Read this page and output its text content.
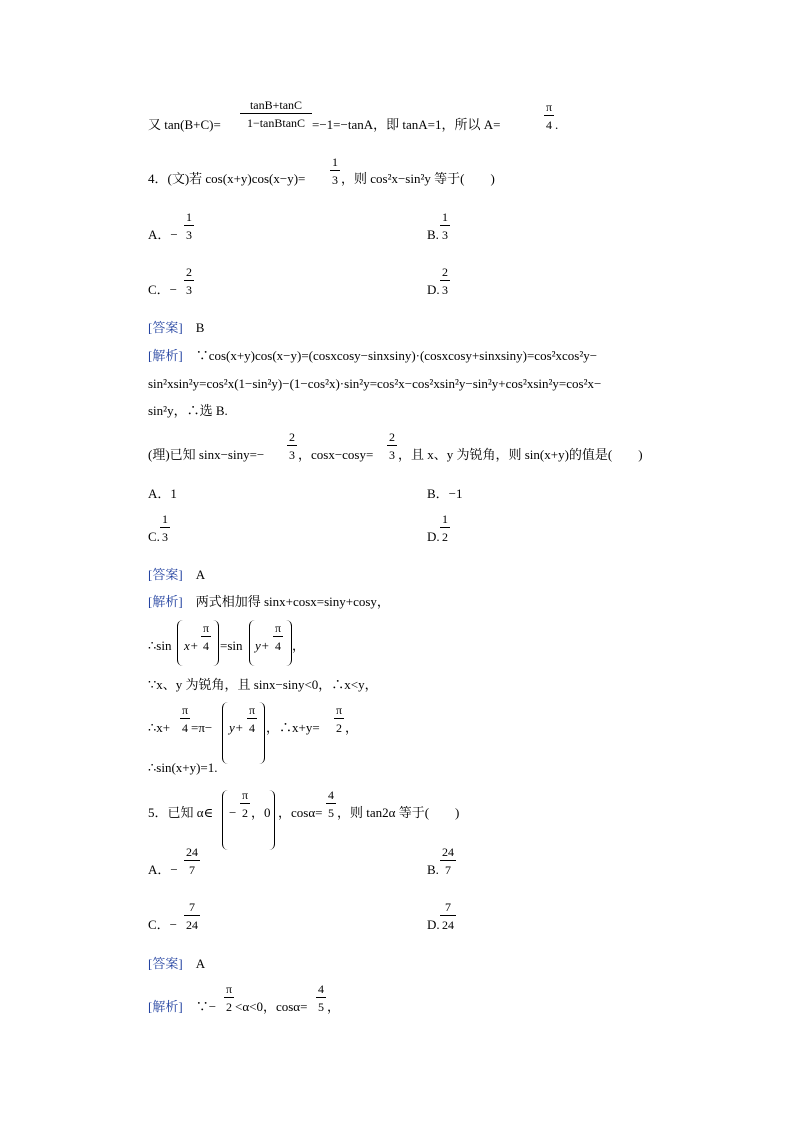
又 $\tan(B+C)= \frac{\tan B+\tan C}{\text{1−tanBtanC}} =-1=-\tan A$，即 tanA=1，所以 A=	$\frac{\pi}{4}$ .
4．(文)若 $\cos(x+y)\cos(x-y)= \frac{1}{3}$ ，则 cos²x−sin²y 等于(　　)
A．− $\frac{1}{3}$	B. $\frac{1}{3}$
C．− $\frac{2}{3}$	D. $\frac{2}{3}$
[答案]　 B
[解析]　 ∵cos(x+y)cos(x−y)=(cosxcosy−sinxsiny)·(cosxcosy+sinxsiny)=cos²xcos²y−
sin²xsin²y=cos²x(1−sin²y)−(1−cos²x)·sin²y=cos²x−cos²xsin²y−sin²y+cos²xsin²y=cos²x−
sin²y，∴选 B.
(理)已知 $\sin x-\sin y=- \frac{2}{3}$ ，$\cos x-\cos y= \frac{2}{3}$ ，且 x、y 为锐角，则 sin(x+y)的值是(　　)
A．1	B．−1
C. $\frac{1}{3}$	D. $\frac{1}{2}$
[答案]　 A
[解析]　 两式相加得 sinx+cosx=siny+cosy，
∴sin $x+ \frac{\pi}{4} =\sin$ $y+ \frac{\pi}{4}$ ，
∵x、y 为锐角，且 sinx−siny<0，∴x<y，
∴x+ $\frac{\pi}{4} =\pi- y+ \frac{\pi}{4}$ ，∴x+y= $\frac{\pi}{2}$ ，
∴sin(x+y)=1.
5．已知 α∈ − $\frac{\pi}{2}$ ，0 ，$\cos\alpha= \frac{4}{5}$ ，则 tan2α 等于(　　)
A．− $\frac{24}{7}$	B. $\frac{24}{7}$
C．− $\frac{7}{24}$	D. $\frac{7}{24}$
[答案]　 A
[解析]　 ∵− $\frac{\pi}{2} <\alpha<0$，$\cos\alpha= \frac{4}{5}$ ，
